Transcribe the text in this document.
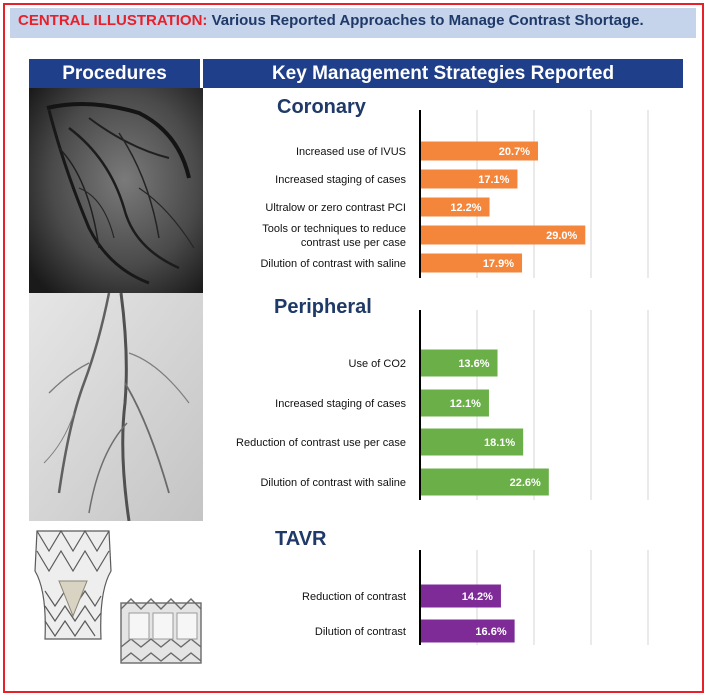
CENTRAL ILLUSTRATION: Various Reported Approaches to Manage Contrast Shortage.
Procedures	Key Management Strategies Reported
Coronary
Peripheral
TAVR
20.7%
Increased use of IVUS
17.1%
Increased staging of cases
12.2%
Ultralow or zero contrast PCI
29.0%
Tools or techniques to reduce
contrast use per case
17.9%
Dilution of contrast with saline
13.6%
Use of CO2
12.1%
Increased staging of cases
18.1%
Reduction of contrast use per case
22.6%
Dilution of contrast with saline
14.2%
Reduction of contrast
16.6%
Dilution of contrast
